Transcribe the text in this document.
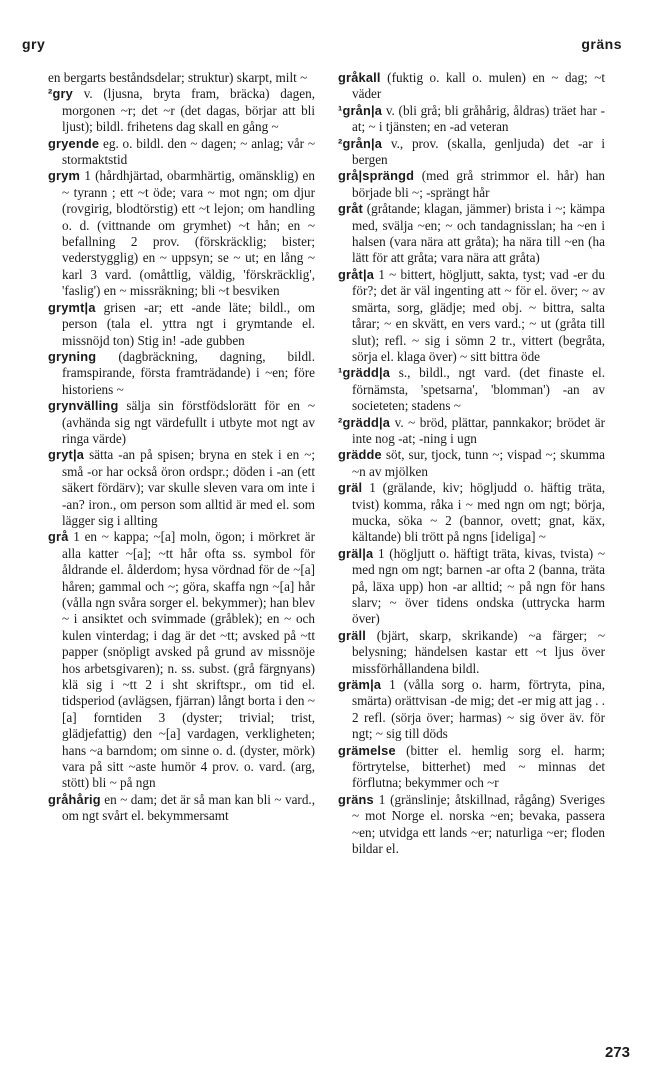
gry	gräns

en bergarts beståndsdelar; struktur) skarpt, milt ~

²gry v. (ljusna, bryta fram, bräcka) dagen, morgonen ~r; det ~r (det dagas, börjar att bli ljust); bildl. frihetens dag skall en gång ~

gryende eg. o. bildl. den ~ dagen; ~ anlag; vår ~ stormaktstid

grym 1 (hårdhjärtad, obarmhärtig, omänsklig) en ~ tyrann ; ett ~t öde; vara ~ mot ngn; om djur (rovgirig, blodtörstig) ett ~t lejon; om handling o. d. (vittnande om grymhet) ~t hån; en ~ befallning 2 prov. (förskräcklig; bister; vederstygglig) en ~ uppsyn; se ~ ut; en lång ~ karl 3 vard. (omåttlig, väldig, 'förskräcklig', 'faslig') en ~ missräkning; bli ~t besviken

grymt|a grisen -ar; ett -ande läte; bildl., om person (tala el. yttra ngt i grymtande el. missnöjd ton) Stig in! -ade gubben

gryning (dagbräckning, dagning, bildl. framspirande, första framträdande) i ~en; före historiens ~

grynvälling sälja sin förstfödslorätt för en ~ (avhända sig ngt värdefullt i utbyte mot ngt av ringa värde)

gryt|a sätta -an på spisen; bryna en stek i en ~; små -or har också öron ordspr.; döden i -an (ett säkert fördärv); var skulle sleven vara om inte i -an? iron., om person som alltid är med el. som lägger sig i allting

grå 1 en ~ kappa; ~[a] moln, ögon; i mörkret är alla katter ~[a]; ~tt hår ofta ss. symbol för åldrande el. ålderdom; hysa vördnad för de ~[a] håren; gammal och ~; göra, skaffa ngn ~[a] hår (vålla ngn svåra sorger el. bekymmer); han blev ~ i ansiktet och svimmade (gråblek); en ~ och kulen vinterdag; i dag är det ~tt; avsked på ~tt papper (snöpligt avsked på grund av missnöje hos arbetsgivaren); n. ss. subst. (grå färgnyans) klä sig i ~tt 2 i sht skriftspr., om tid el. tidsperiod (avlägsen, fjärran) långt borta i den ~[a] forntiden 3 (dyster; trivial; trist, glädjefattig) den ~[a] vardagen, verkligheten; hans ~a barndom; om sinne o. d. (dyster, mörk) vara på sitt ~aste humör 4 prov. o. vard. (arg, stött) bli ~ på ngn

gråhårig en ~ dam; det är så man kan bli ~ vard., om ngt svårt el. bekymmersamt

gråkall (fuktig o. kall o. mulen) en ~ dag; ~t väder

¹grån|a v. (bli grå; bli gråhårig, åldras) träet har -at; ~ i tjänsten; en -ad veteran

²grån|a v., prov. (skalla, genljuda) det -ar i bergen

grå|sprängd (med grå strimmor el. hår) han började bli ~; -sprängt hår

gråt (gråtande; klagan, jämmer) brista i ~; kämpa med, svälja ~en; ~ och tandagnisslan; ha ~en i halsen (vara nära att gråta); ha nära till ~en (ha lätt för att gråta; vara nära att gråta)

gråt|a 1 ~ bittert, högljutt, sakta, tyst; vad -er du för?; det är väl ingenting att ~ för el. över; ~ av smärta, sorg, glädje; med obj. ~ bittra, salta tårar; ~ en skvätt, en vers vard.; ~ ut (gråta till slut); refl. ~ sig i sömn 2 tr., vittert (begråta, sörja el. klaga över) ~ sitt bittra öde

¹grädd|a s., bildl., ngt vard. (det finaste el. förnämsta, 'spetsarna', 'blomman') -an av societeten; stadens ~

²grädd|a v. ~ bröd, plättar, pannkakor; brödet är inte nog -at; -ning i ugn

grädde söt, sur, tjock, tunn ~; vispad ~; skumma ~n av mjölken

gräl 1 (grälande, kiv; högljudd o. häftig träta, tvist) komma, råka i ~ med ngn om ngt; börja, mucka, söka ~ 2 (bannor, ovett; gnat, käx, kältande) bli trött på ngns [ideliga] ~

gräl|a 1 (högljutt o. häftigt träta, kivas, tvista) ~ med ngn om ngt; barnen -ar ofta 2 (banna, träta på, läxa upp) hon -ar alltid; ~ på ngn för hans slarv; ~ över tidens ondska (uttrycka harm över)

gräll (bjärt, skarp, skrikande) ~a färger; ~ belysning; händelsen kastar ett ~t ljus över missförhållandena bildl.

gräm|a 1 (vålla sorg o. harm, förtryta, pina, smärta) orättvisan -de mig; det -er mig att jag . . 2 refl. (sörja över; harmas) ~ sig över äv. för ngt; ~ sig till döds

grämelse (bitter el. hemlig sorg el. harm; förtrytelse, bitterhet) med ~ minnas det förflutna; bekymmer och ~r

gräns 1 (gränslinje; åtskillnad, rågång) Sveriges ~ mot Norge el. norska ~en; bevaka, passera ~en; utvidga ett lands ~er; naturliga ~er; floden bildar el.

273
